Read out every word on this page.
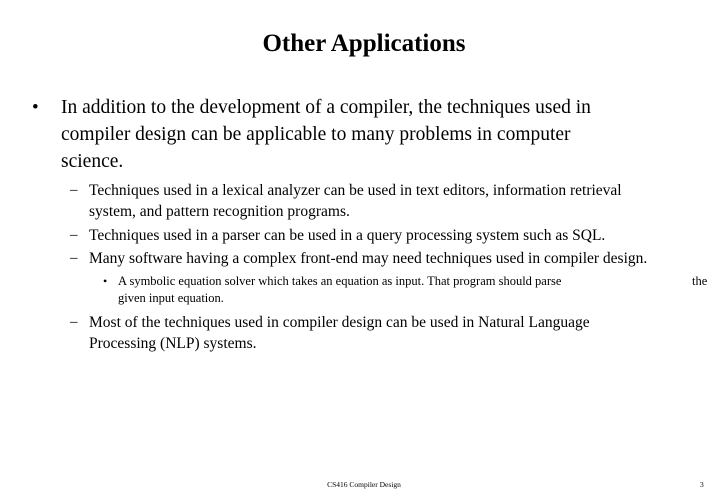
Other Applications
• In addition to the development of a compiler, the techniques used in

compiler design can be applicable to many problems in computer

science.

– Techniques used in a lexical analyzer can be used in text editors, information retrieval

system, and pattern recognition programs.

– Techniques used in a parser can be used in a query processing system such as SQL.

– Many software having a complex front-end may need techniques used in compiler design.

• A symbolic equation solver which takes an equation as input. That program should parse	the

given input equation.

– Most of the techniques used in compiler design can be used in Natural Language

Processing (NLP) systems.

CS416 Compiler Design	3
